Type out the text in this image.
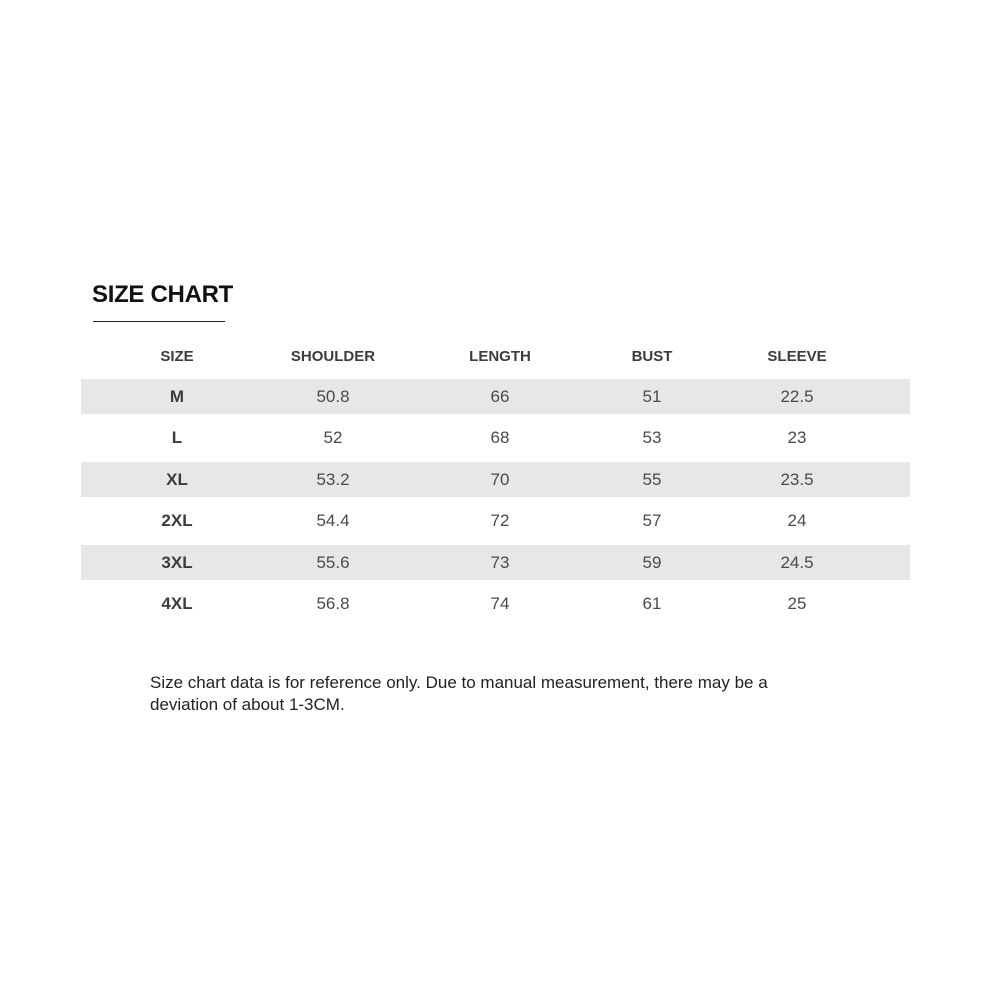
SIZE CHART
SIZE	SHOULDER	LENGTH	BUST	SLEEVE
M	50.8	66	51	22.5
L	52	68	53	23
XL	53.2	70	55	23.5
2XL	54.4	72	57	24
3XL	55.6	73	59	24.5
4XL	56.8	74	61	25

Size chart data is for reference only. Due to manual measurement, there may be a deviation of about 1-3CM.
